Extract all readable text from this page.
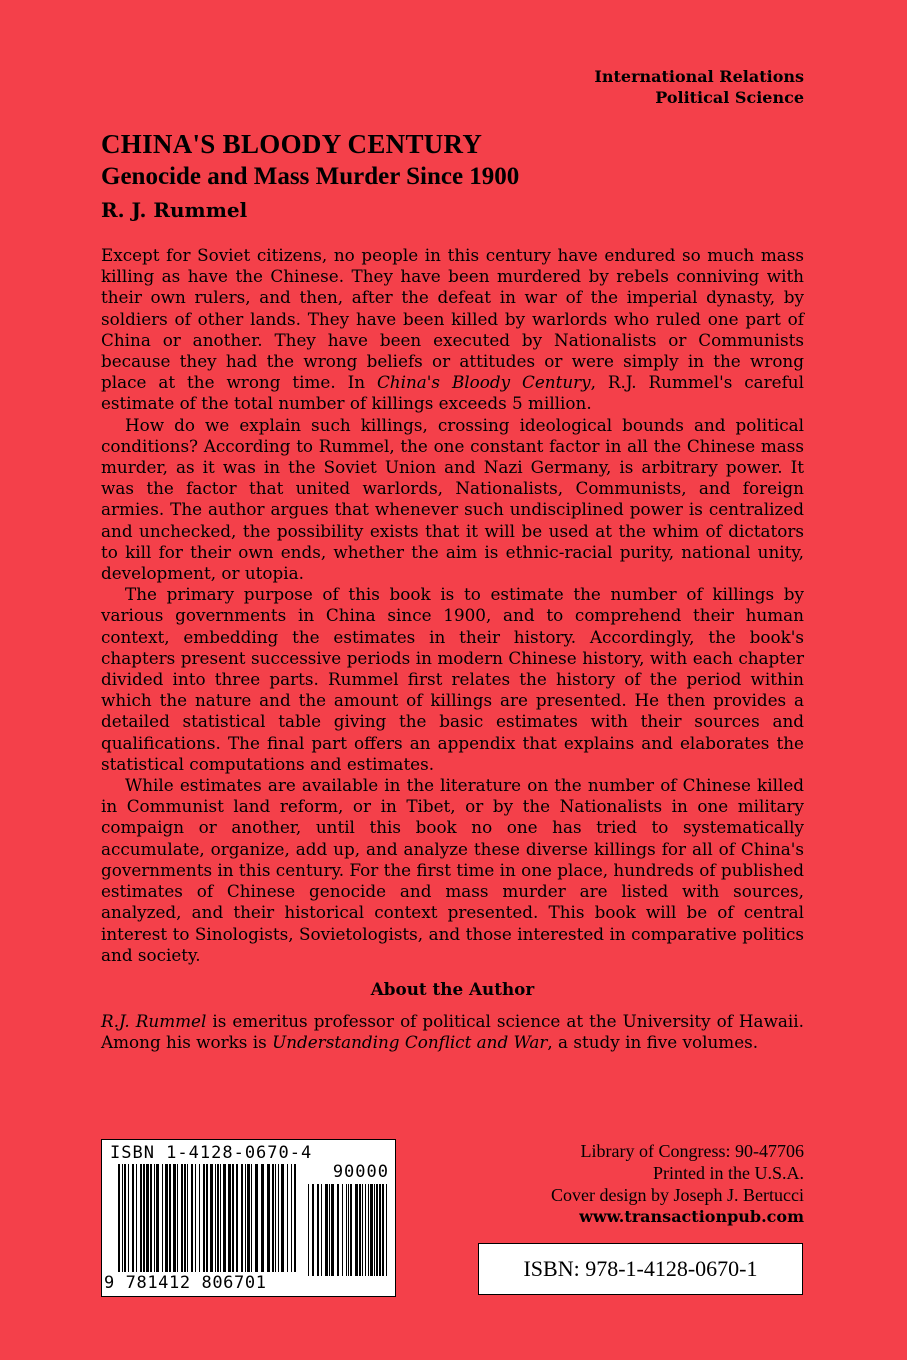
International Relations
Political Science
CHINA'S BLOODY CENTURY
Genocide and Mass Murder Since 1900
R. J. Rummel

Except for Soviet citizens, no people in this century have endured so much mass killing as have the Chinese. They have been murdered by rebels conniving with their own rulers, and then, after the defeat in war of the imperial dynasty, by soldiers of other lands. They have been killed by warlords who ruled one part of China or another. They have been executed by Nationalists or Communists because they had the wrong beliefs or attitudes or were simply in the wrong place at the wrong time. In China's Bloody Century, R.J. Rummel's careful estimate of the total number of killings exceeds 5 million.

How do we explain such killings, crossing ideological bounds and political conditions? According to Rummel, the one constant factor in all the Chinese mass murder, as it was in the Soviet Union and Nazi Germany, is arbitrary power. It was the factor that united warlords, Nationalists, Communists, and foreign armies. The author argues that whenever such undisciplined power is centralized and unchecked, the possibility exists that it will be used at the whim of dictators to kill for their own ends, whether the aim is ethnic-racial purity, national unity, development, or utopia.

The primary purpose of this book is to estimate the number of killings by various governments in China since 1900, and to comprehend their human context, embedding the estimates in their history. Accordingly, the book's chapters present successive periods in modern Chinese history, with each chapter divided into three parts. Rummel first relates the history of the period within which the nature and the amount of killings are presented. He then provides a detailed statistical table giving the basic estimates with their sources and qualifications. The final part offers an appendix that explains and elaborates the statistical computations and estimates.

While estimates are available in the literature on the number of Chinese killed in Communist land reform, or in Tibet, or by the Nationalists in one military compaign or another, until this book no one has tried to systematically accumulate, organize, add up, and analyze these diverse killings for all of China's governments in this century. For the first time in one place, hundreds of published estimates of Chinese genocide and mass murder are listed with sources, analyzed, and their historical context presented. This book will be of central interest to Sinologists, Sovietologists, and those interested in comparative politics and society.

About the Author

R.J. Rummel is emeritus professor of political science at the University of Hawaii. Among his works is Understanding Conflict and War, a study in five volumes.

ISBN 1-4128-0670-4
90000
9 781412 806701
Library of Congress: 90-47706
Printed in the U.S.A.
Cover design by Joseph J. Bertucci
www.transactionpub.com
ISBN: 978-1-4128-0670-1
